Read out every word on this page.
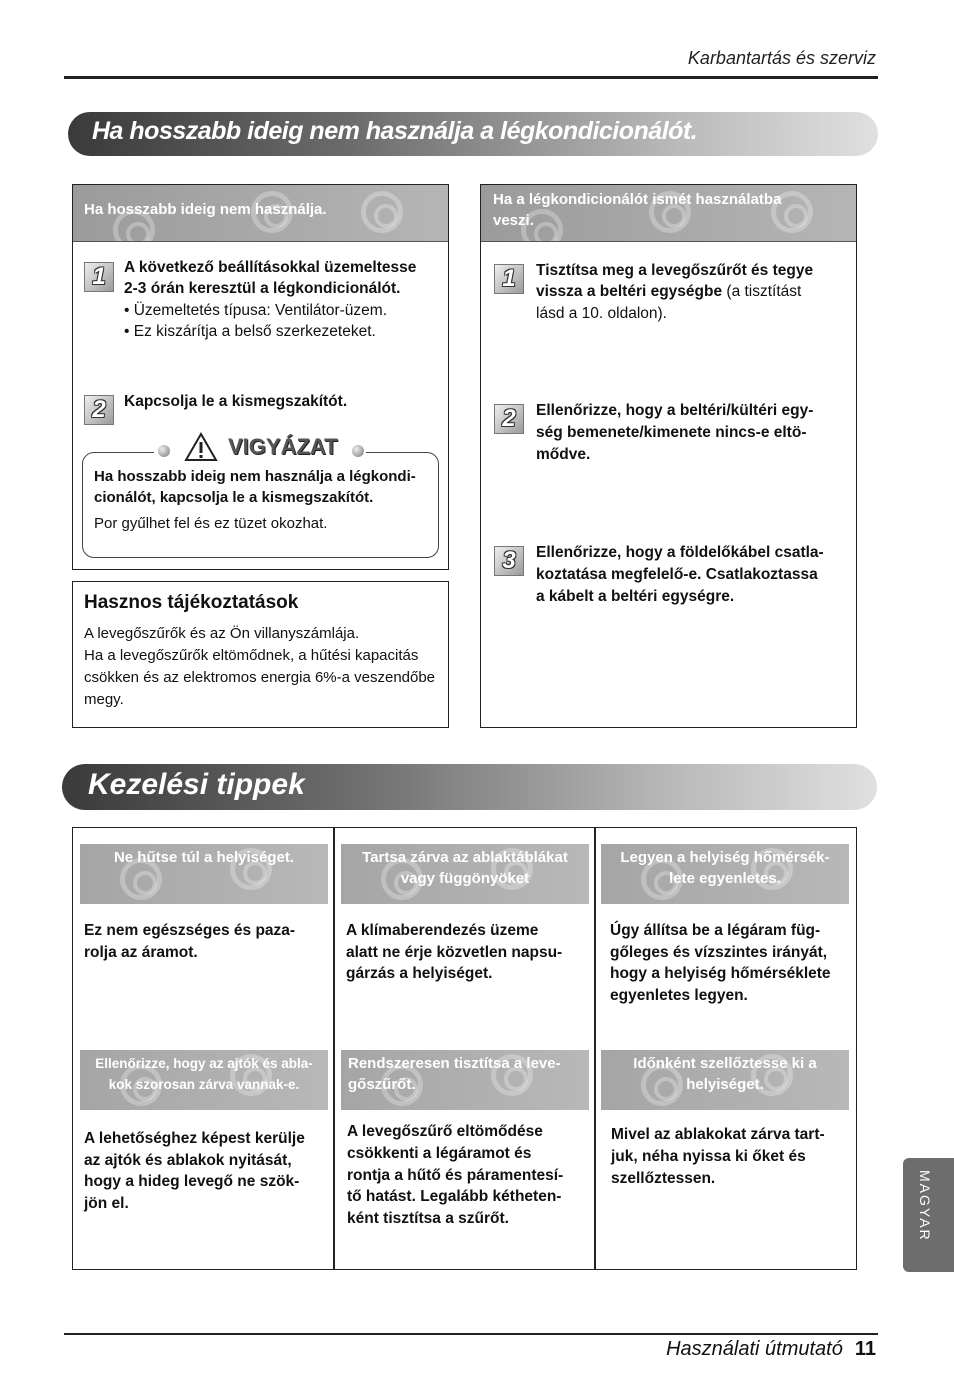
Karbantartás és szerviz
Ha hosszabb ideig nem használja a légkondicionálót.
Ha hosszabb ideig nem használja.
1	A következő beállításokkal üzemeltesse
2-3 órán keresztül a légkondicionálót.
• Üzemeltetés típusa: Ventilátor-üzem.
• Ez kiszárítja a belső szerkezeteket.
2	Kapcsolja le a kismegszakítót.
VIGYÁZAT
Ha hosszabb ideig nem használja a légkondi-
cionálót, kapcsolja le a kismegszakítót.
Por gyűlhet fel és ez tüzet okozhat.
Hasznos tájékoztatások
A levegőszűrők és az Ön villanyszámlája.
Ha a levegőszűrők eltömődnek, a hűtési kapacitás
csökken és az elektromos energia 6%-a veszendőbe
megy.
Ha a légkondicionálót ismét használatba
veszi.
1	Tisztítsa meg a levegőszűrőt és tegye
vissza a beltéri egységbe (a tisztítást
lásd a 10. oldalon).
2	Ellenőrizze, hogy a beltéri/kültéri egy-
ség bemenete/kimenete nincs-e eltö-
mődve.
3	Ellenőrizze, hogy a földelőkábel csatla-
koztatása megfelelő-e. Csatlakoztassa
a kábelt a beltéri egységre.
Kezelési tippek
Ne hűtse túl a helyiséget.
Ez nem egészséges és paza-
rolja az áramot.
Tartsa zárva az ablaktáblákat
vagy függönyöket
A klímaberendezés üzeme
alatt ne érje közvetlen napsu-
gárzás a helyiséget.
Legyen a helyiség hőmérsék-
lete egyenletes.
Úgy állítsa be a légáram füg-
gőleges és vízszintes irányát,
hogy a helyiség hőmérséklete
egyenletes legyen.
Ellenőrizze, hogy az ajtók és abla-
kok szorosan zárva vannak-e.
A lehetőséghez képest kerülje
az ajtók és ablakok nyitását,
hogy a hideg levegő ne szök-
jön el.
Rendszeresen tisztítsa a leve-
gőszűrőt.
A levegőszűrő eltömődése
csökkenti a légáramot és
rontja a hűtő és páramentesí-
tő hatást. Legalább kétheten-
ként tisztítsa a szűrőt.
Időnként szellőztesse ki a
helyiséget.
Mivel az ablakokat zárva tart-
juk, néha nyissa ki őket és
szellőztessen.	MAGYAR
Használati útmutató 11
